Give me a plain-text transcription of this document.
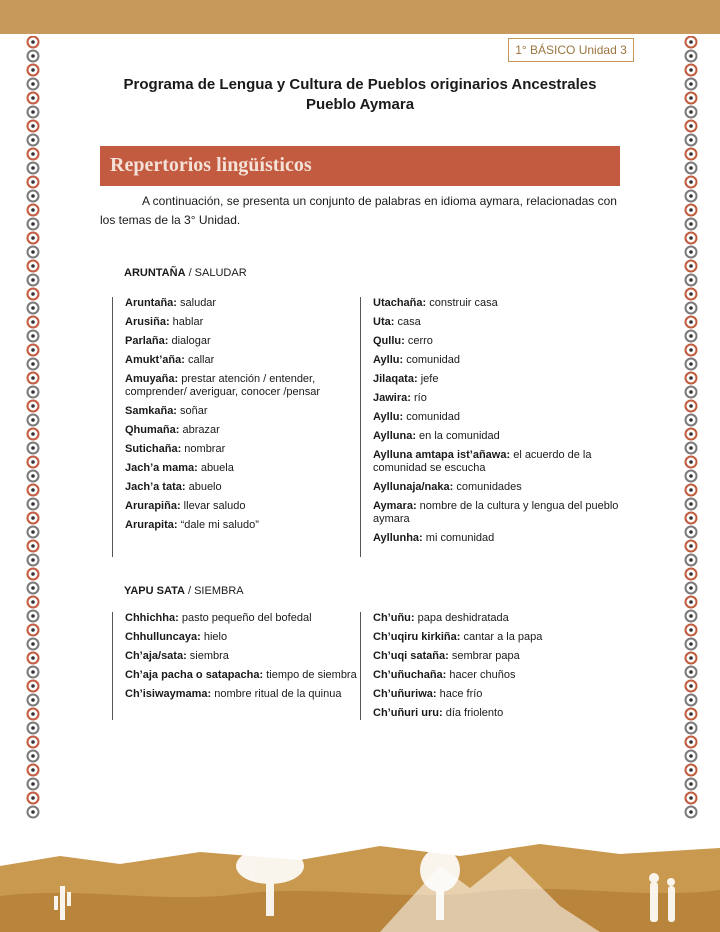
1° BÁSICO Unidad 3
Programa de Lengua y Cultura de Pueblos originarios Ancestrales
Pueblo Aymara
Repertorios lingüísticos
A continuación, se presenta un conjunto de palabras en idioma aymara, relacionadas con los temas de la 3° Unidad.
ARUNTAÑA / SALUDAR
Aruntaña: saludar
Arusiña: hablar
Parlaña: dialogar
Amukt’aña: callar
Amuyaña: prestar atención / entender, comprender/ averiguar, conocer /pensar
Samkaña: soñar
Qhumaña: abrazar
Sutichaña: nombrar
Jach’a mama: abuela
Jach’a tata: abuelo
Arurapiña: llevar saludo
Arurapita: “dale mi saludo”
Utachaña: construir casa
Uta: casa
Qullu: cerro
Ayllu: comunidad
Jilaqata: jefe
Jawira: río
Ayllu: comunidad
Aylluna: en la comunidad
Aylluna amtapa ist’añawa: el acuerdo de la comunidad se escucha
Ayllunaja/naka: comunidades
Aymara: nombre de la cultura y lengua del pueblo aymara
Ayllunha: mi comunidad
YAPU SATA / SIEMBRA
Chhichha: pasto pequeño del bofedal
Chhulluncaya: hielo
Ch’aja/sata: siembra
Ch’aja pacha o satapacha: tiempo de siembra
Ch’isiwaymama: nombre ritual de la quinua
Ch’uñu: papa deshidratada
Ch’uqiru kirkiña: cantar a la papa
Ch’uqi sataña: sembrar papa
Ch’uñuchaña: hacer chuños
Ch’uñuriwa: hace frío
Ch’uñuri uru: día friolento
